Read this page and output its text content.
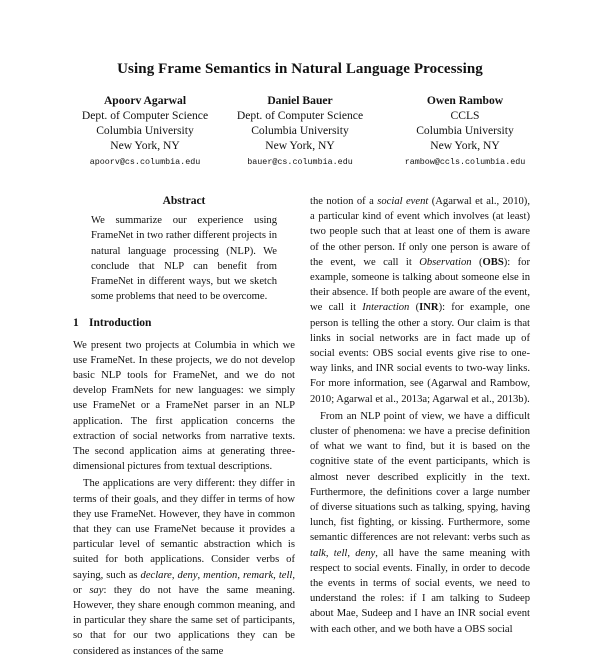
Using Frame Semantics in Natural Language Processing
Apoorv Agarwal
Dept. of Computer Science
Columbia University
New York, NY
apoorv@cs.columbia.edu
Daniel Bauer
Dept. of Computer Science
Columbia University
New York, NY
bauer@cs.columbia.edu
Owen Rambow
CCLS
Columbia University
New York, NY
rambow@ccls.columbia.edu
Abstract

We summarize our experience using FrameNet in two rather different projects in natural language processing (NLP). We conclude that NLP can benefit from FrameNet in different ways, but we sketch some problems that need to be overcome.

1 Introduction

We present two projects at Columbia in which we use FrameNet. In these projects, we do not develop basic NLP tools for FrameNet, and we do not develop FramNets for new languages: we simply use FrameNet or a FrameNet parser in an NLP application. The first application concerns the extraction of social networks from narrative texts. The second application aims at generating three-dimensional pictures from textual descriptions.

The applications are very different: they differ in terms of their goals, and they differ in terms of how they use FrameNet. However, they have in common that they can use FrameNet because it provides a particular level of semantic abstraction which is suited for both applications. Consider verbs of saying, such as declare, deny, mention, remark, tell, or say: they do not have the same meaning. However, they share enough common meaning, and in particular they share the same set of participants, so that for our two applications they can be considered as instances of the same

the notion of a social event (Agarwal et al., 2010), a particular kind of event which involves (at least) two people such that at least one of them is aware of the other person. If only one person is aware of the event, we call it Observation (OBS): for example, someone is talking about someone else in their absence. If both people are aware of the event, we call it Interaction (INR): for example, one person is telling the other a story. Our claim is that links in social networks are in fact made up of social events: OBS social events give rise to one-way links, and INR social events to two-way links. For more information, see (Agarwal and Rambow, 2010; Agarwal et al., 2013a; Agarwal et al., 2013b).

From an NLP point of view, we have a difficult cluster of phenomena: we have a precise definition of what we want to find, but it is based on the cognitive state of the event participants, which is almost never described explicitly in the text. Furthermore, the definitions cover a large number of diverse situations such as talking, spying, having lunch, fist fighting, or kissing. Furthermore, some semantic differences are not relevant: verbs such as talk, tell, deny, all have the same meaning with respect to social events. Finally, in order to decode the events in terms of social events, we need to understand the roles: if I am talking to Sudeep about Mae, Sudeep and I have an INR social event with each other, and we both have a OBS social
